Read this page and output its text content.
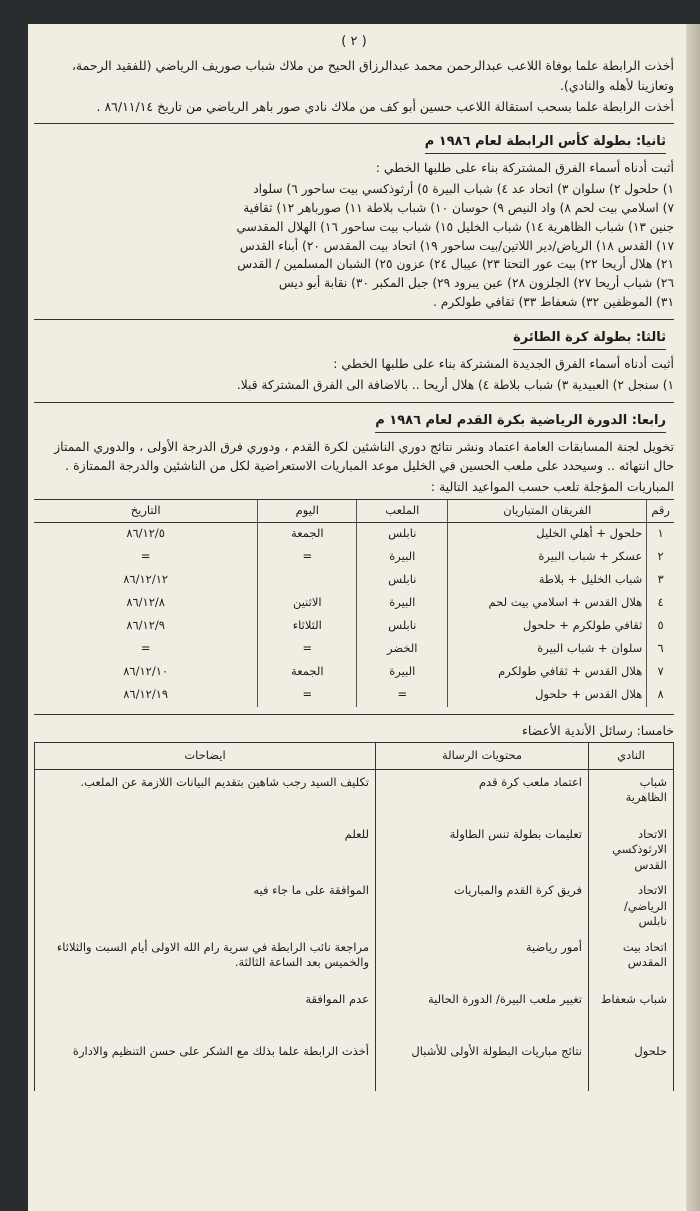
( ٢ )

أخذت الرابطة علما بوفاة اللاعب عبدالرحمن محمد عبدالرزاق الحيح من ملاك شباب صوريف الرياضي (للفقيد الرحمة، وتعازينا لأهله والنادي).

أخذت الرابطة علما بسحب استقالة اللاعب حسين أبو كف من ملاك نادي صور باهر الرياضي من تاريخ ٨٦/١١/١٤ .

ثانيا: بطولة كأس الرابطة لعام ١٩٨٦ م
أثبت أدناه أسماء الفرق المشتركة بناء على طلبها الخطي :
١) حلحول ٢) سلوان ٣) اتحاد عد ٤) شباب البيرة ٥) أرثوذكسي بيت ساحور ٦) سلواد
٧) اسلامي بيت لحم ٨) واد النيص ٩) حوسان ١٠) شباب بلاطة ١١) صورباهر ١٢) ثقافية
جنين ١٣) شباب الظاهرية ١٤) شباب الخليل ١٥) شباب بيت ساحور ١٦) الهلال المقدسي
١٧) القدس ١٨) الرياض/دير اللاتين/بيت ساحور ١٩) اتحاد بيت المقدس ٢٠) أبناء القدس
٢١) هلال أريحا ٢٢) بيت عور التحتا ٢٣) عيبال ٢٤) عزون ٢٥) الشبان المسلمين / القدس
٢٦) شباب أريحا ٢٧) الجلزون ٢٨) عين يبرود ٢٩) جبل المكبر ٣٠) نقابة أبو ديس
٣١) الموظفين ٣٢) شعفاط ٣٣) ثقافي طولكرم .
ثالثا: بطولة كرة الطائرة
أثبت أدناه أسماء الفرق الجديدة المشتركة بناء على طلبها الخطي :
١) سنجل ٢) العبيدية ٣) شباب بلاطة ٤) هلال أريحا .. بالاضافة الى الفرق المشتركة قبلا.
رابعا: الدورة الرياضية بكرة القدم لعام ١٩٨٦ م

تخويل لجنة المسابقات العامة اعتماد ونشر نتائج دوري الناشئين لكرة القدم ، ودوري فرق الدرجة الأولى ، والدوري الممتاز حال انتهائه .. وسيحدد على ملعب الحسين في الخليل موعد المباريات الاستعراضية لكل من الناشئين والدرجة الممتازة .

المباريات المؤجلة تلعب حسب المواعيد التالية :

رقم	الفريقان المتباريان	الملعب	اليوم	التاريخ
١	حلحول + أهلي الخليل	نابلس	الجمعة	٨٦/١٢/٥
٢	عسكر + شباب البيرة	البيرة	=	=
٣	شباب الخليل + بلاطة	نابلس		٨٦/١٢/١٢
٤	هلال القدس + اسلامي بيت لحم	البيرة	الاثنين	٨٦/١٢/٨
٥	ثقافي طولكرم + حلحول	نابلس	الثلاثاء	٨٦/١٢/٩
٦	سلوان + شباب البيرة	الخضر	=	=
٧	هلال القدس + ثقافي طولكرم	البيرة	الجمعة	٨٦/١٢/١٠
٨	هلال القدس + حلحول	=	=	٨٦/١٢/١٩
خامسا: رسائل الأندية الأعضاء
النادي	محتويات الرسالة	ايضاحات
شباب الظاهرية	اعتماد ملعب كرة قدم	تكليف السيد رجب شاهين بتقديم البيانات اللازمة عن الملعب.
الاتحاد الارثوذكسي القدس	تعليمات بطولة تنس الطاولة	للعلم
الاتحاد الرياضي/ نابلس	فريق كرة القدم والمباريات	الموافقة على ما جاء فيه
اتحاد بيت المقدس	أمور رياضية	مراجعة نائب الرابطة في سرية رام الله الاولى أيام السبت والثلاثاء والخميس بعد الساعة الثالثة.
شباب شعفاط	تغيير ملعب البيرة/ الدورة الحالية	عدم الموافقة
حلحول	نتائج مباريات البطولة الأولى للأشبال	أخذت الرابطة علما بذلك مع الشكر على حسن التنظيم والادارة
